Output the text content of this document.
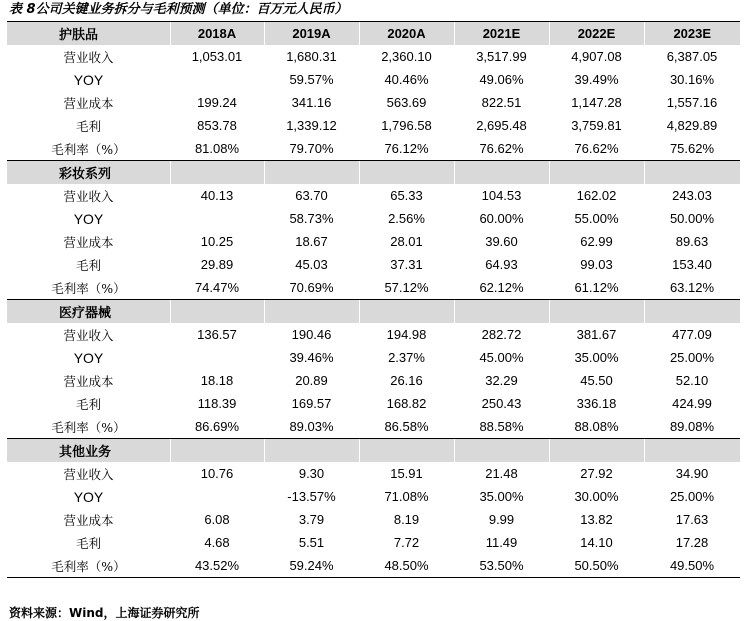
表 8公司关键业务拆分与毛利预测（单位：百万元人民币）
护肤品	2018A	2019A	2020A	2021E	2022E	2023E
营业收入	1,053.01	1,680.31	2,360.10	3,517.99	4,907.08	6,387.05
YOY		59.57%	40.46%	49.06%	39.49%	30.16%
营业成本	199.24	341.16	563.69	822.51	1,147.28	1,557.16
毛利	853.78	1,339.12	1,796.58	2,695.48	3,759.81	4,829.89
毛利率（%）	81.08%	79.70%	76.12%	76.62%	76.62%	75.62%
彩妆系列						
营业收入	40.13	63.70	65.33	104.53	162.02	243.03
YOY		58.73%	2.56%	60.00%	55.00%	50.00%
营业成本	10.25	18.67	28.01	39.60	62.99	89.63
毛利	29.89	45.03	37.31	64.93	99.03	153.40
毛利率（%）	74.47%	70.69%	57.12%	62.12%	61.12%	63.12%
医疗器械						
营业收入	136.57	190.46	194.98	282.72	381.67	477.09
YOY		39.46%	2.37%	45.00%	35.00%	25.00%
营业成本	18.18	20.89	26.16	32.29	45.50	52.10
毛利	118.39	169.57	168.82	250.43	336.18	424.99
毛利率（%）	86.69%	89.03%	86.58%	88.58%	88.08%	89.08%
其他业务						
营业收入	10.76	9.30	15.91	21.48	27.92	34.90
YOY		-13.57%	71.08%	35.00%	30.00%	25.00%
营业成本	6.08	3.79	8.19	9.99	13.82	17.63
毛利	4.68	5.51	7.72	11.49	14.10	17.28
毛利率（%）	43.52%	59.24%	48.50%	53.50%	50.50%	49.50%
资料来源：Wind，上海证券研究所
